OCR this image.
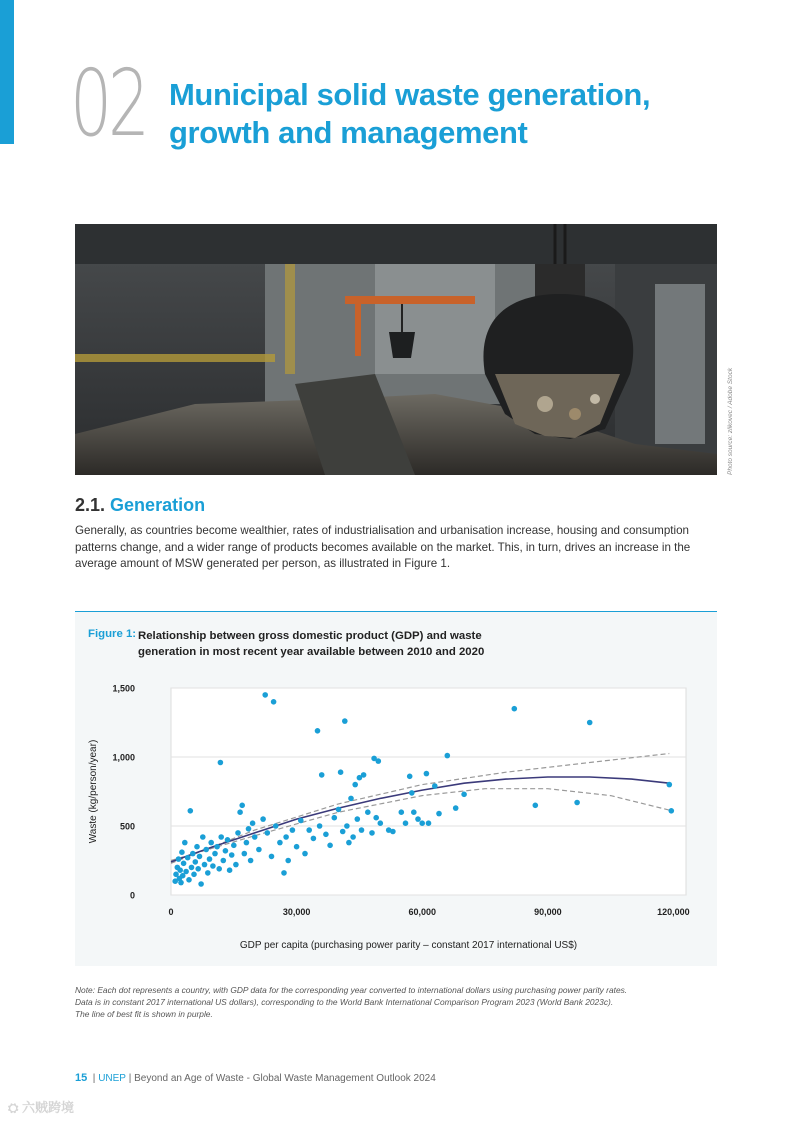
02 Municipal solid waste generation, growth and management
Photo source: zlikovec / Adobe Stock
2.1. Generation
Generally, as countries become wealthier, rates of industrialisation and urbanisation increase, housing and consumption patterns change, and a wider range of products becomes available on the market. This, in turn, drives an increase in the average amount of MSW generated per person, as illustrated in Figure 1.
Figure 1: Relationship between gross domestic product (GDP) and waste generation in most recent year available between 2010 and 2020
0
500
1,000
1,500
0	30,000	60,000	90,000	120,000
Waste (kg/person/year)
GDP per capita (purchasing power parity – constant 2017 international US$)
Note: Each dot represents a country, with GDP data for the corresponding year converted to international dollars using purchasing power parity rates.
Data is in constant 2017 international US dollars), corresponding to the World Bank International Comparison Program 2023 (World Bank 2023c).
The line of best fit is shown in purple.
15  | UNEP | Beyond an Age of Waste - Global Waste Management Outlook 2024
⛭ 六贼跨境
